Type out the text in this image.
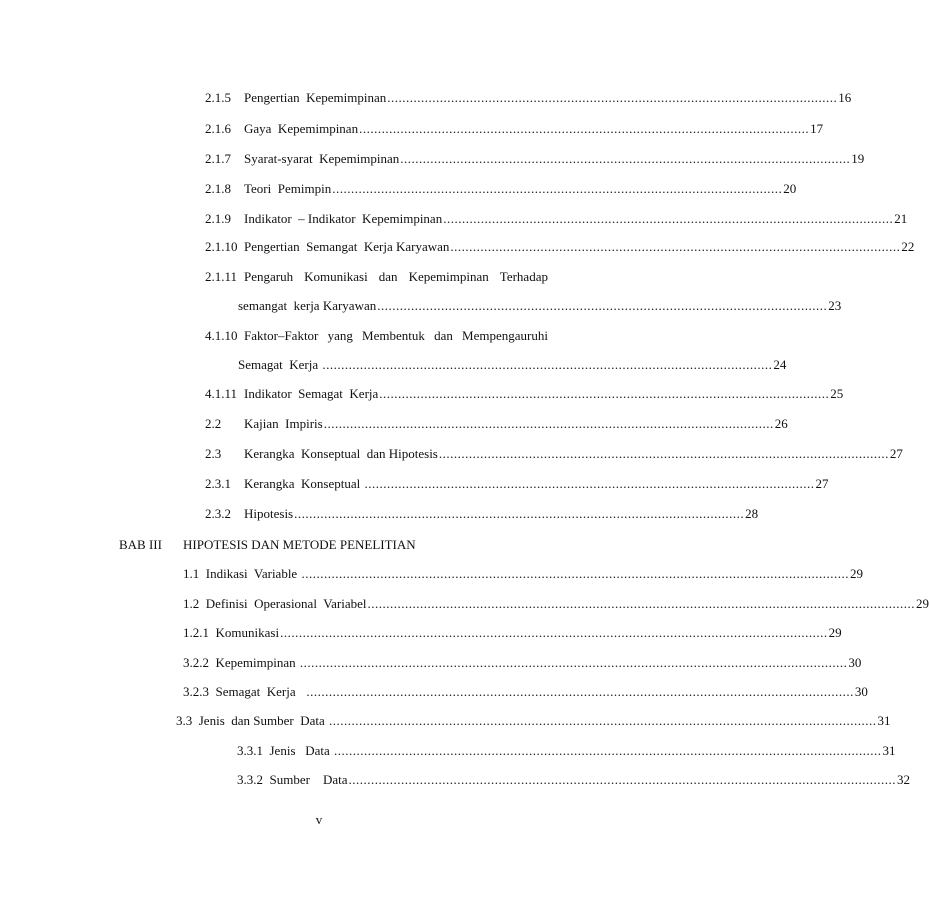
2.1.5 Pengertian  Kepemimpinan ........................................................................................................................ 16
2.1.6 Gaya  Kepemimpinan ........................................................................................................................ 17
2.1.7 Syarat-syarat  Kepemimpinan ........................................................................................................................ 19
2.1.8 Teori  Pemimpin ........................................................................................................................ 20
2.1.9 Indikator  – Indikator  Kepemimpinan ........................................................................................................................ 21
2.1.10 Pengertian  Semangat  Kerja Karyawan ........................................................................................................................ 22
2.1.11 Pengaruh Komunikasi dan Kepemimpinan Terhadap
semangat  kerja Karyawan ........................................................................................................................ 23
4.1.10 Faktor–Faktor yang Membentuk dan Mempengauruhi
Semagat  Kerja ........................................................................................................................ 24
4.1.11 Indikator  Semagat  Kerja ........................................................................................................................ 25
2.2 Kajian  Impiris ........................................................................................................................ 26
2.3 Kerangka  Konseptual  dan Hipotesis ........................................................................................................................ 27
2.3.1 Kerangka  Konseptual ........................................................................................................................ 27
2.3.2 Hipotesis ........................................................................................................................ 28
BAB III HIPOTESIS DAN METODE PENELITIAN
1.1  Indikasi  Variable .................................................................................................................................................. 29
1.2  Definisi  Operasional  Variabel .................................................................................................................................................. 29
1.2.1  Komunikasi .................................................................................................................................................. 29
3.2.2  Kepemimpinan .................................................................................................................................................. 30
3.2.3  Semagat  Kerja .................................................................................................................................................. 30
3.3  Jenis  dan Sumber  Data .................................................................................................................................................. 31
3.3.1  Jenis   Data .................................................................................................................................................. 31
3.3.2  Sumber    Data .................................................................................................................................................. 32
v
